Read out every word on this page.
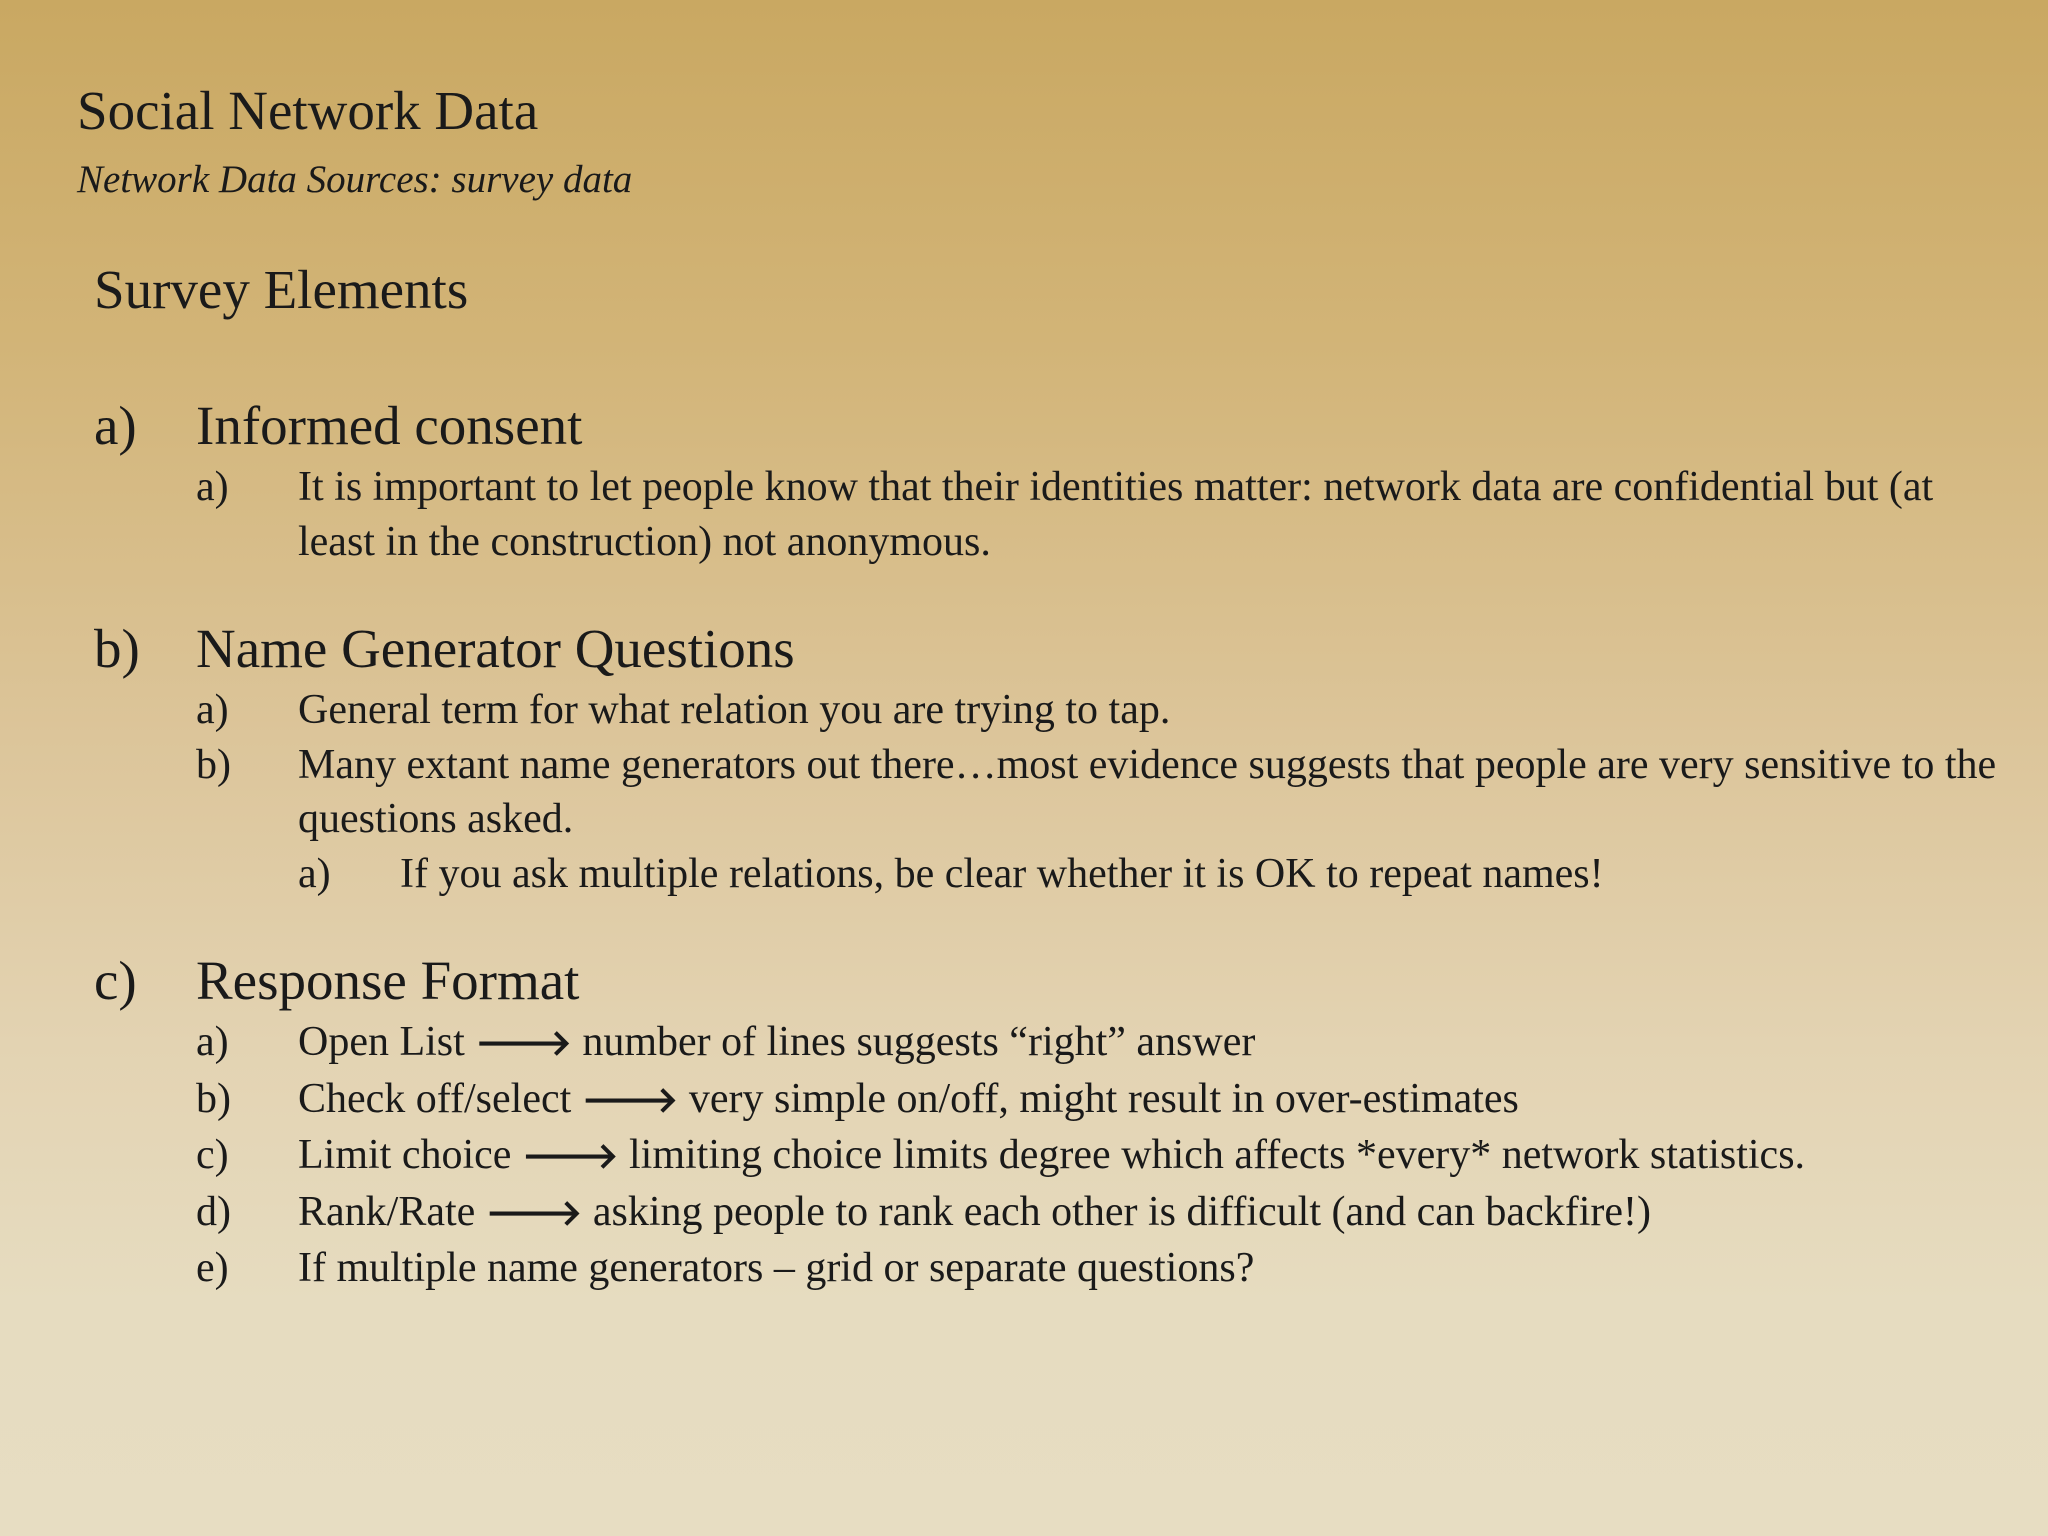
Social Network Data
Network Data Sources: survey data
Survey Elements
a)	Informed consent
a)	It is important to let people know that their identities matter: network data are confidential but (at least in the construction) not anonymous.
b)	Name Generator Questions
a)	General term for what relation you are trying to tap.
b)	Many extant name generators out there…most evidence suggests that people are very sensitive to the questions asked.
a)	If you ask multiple relations, be clear whether it is OK to repeat names!
c)	Response Format
a)	Open List 🡒 number of lines suggests “right” answer
b)	Check off/select 🡒 very simple on/off, might result in over-estimates
c)	Limit choice 🡒 limiting choice limits degree which affects *every* network statistics.
d)	Rank/Rate 🡒 asking people to rank each other is difficult (and can backfire!)
e)	If multiple name generators – grid or separate questions?
